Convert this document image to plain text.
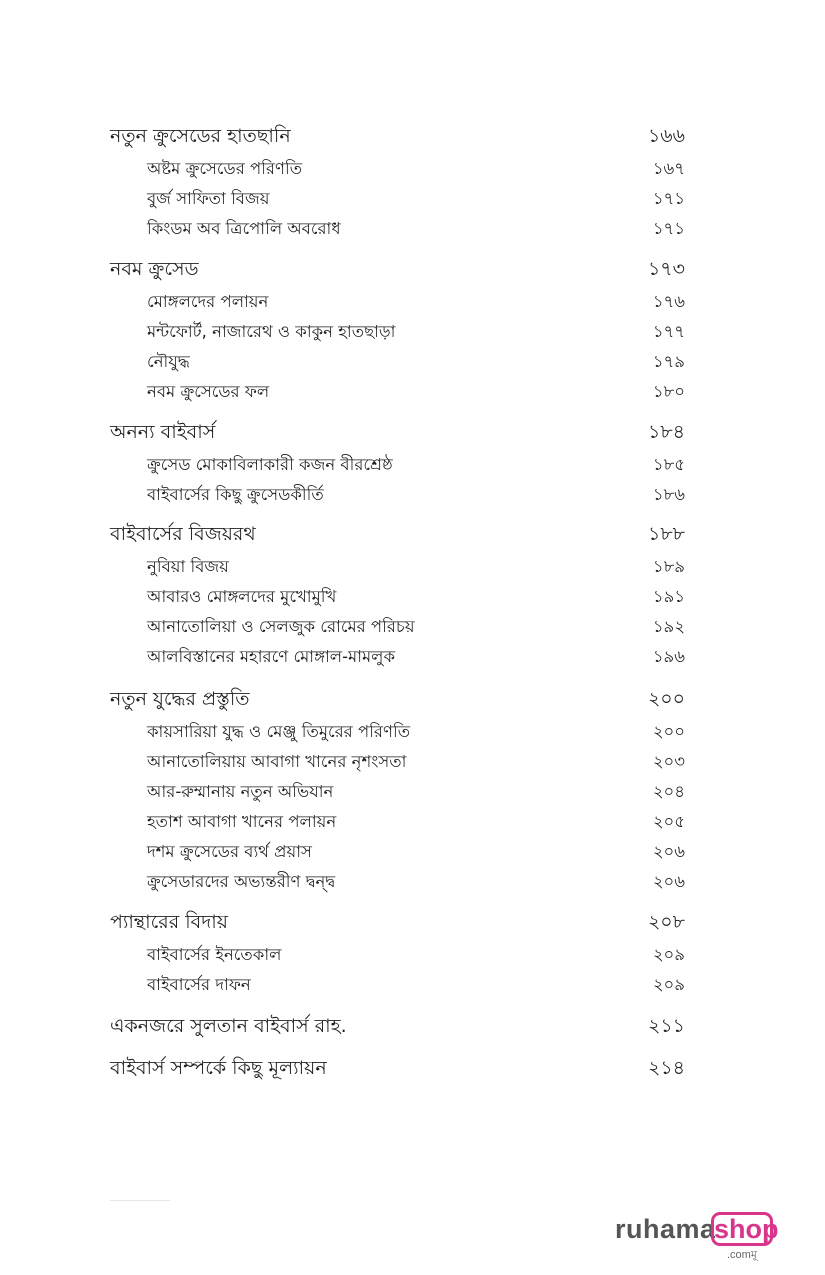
নতুন ক্রুসেডের হাতছানি	১৬৬
অষ্টম ক্রুসেডের পরিণতি	১৬৭
বুর্জ সাফিতা বিজয়	১৭১
কিংডম অব ত্রিপোলি অবরোধ	১৭১
নবম ক্রুসেড	১৭৩
মোঙ্গলদের পলায়ন	১৭৬
মন্টফোর্ট, নাজারেথ ও কাকুন হাতছাড়া	১৭৭
নৌযুদ্ধ	১৭৯
নবম ক্রুসেডের ফল	১৮০
অনন্য বাইবার্স	১৮৪
ক্রুসেড মোকাবিলাকারী কজন বীরশ্রেষ্ঠ	১৮৫
বাইবার্সের কিছু ক্রুসেডকীর্তি	১৮৬
বাইবার্সের বিজয়রথ	১৮৮
নুবিয়া বিজয়	১৮৯
আবারও মোঙ্গলদের মুখোমুখি	১৯১
আনাতোলিয়া ও সেলজুক রোমের পরিচয়	১৯২
আলবিস্তানের মহারণে মোঙ্গাল-মামলুক	১৯৬
নতুন যুদ্ধের প্রস্তুতি	২০০
কায়সারিয়া যুদ্ধ ও মেঞ্জু তিমুরের পরিণতি	২০০
আনাতোলিয়ায় আবাগা খানের নৃশংসতা	২০৩
আর-রুম্মানায় নতুন অভিযান	২০৪
হতাশ আবাগা খানের পলায়ন	২০৫
দশম ক্রুসেডের ব্যর্থ প্রয়াস	২০৬
ক্রুসেডারদের অভ্যন্তরীণ দ্বন্দ্ব	২০৬
প্যান্থারের বিদায়	২০৮
বাইবার্সের ইনতেকাল	২০৯
বাইবার্সের দাফন	২০৯
একনজরে সুলতান বাইবার্স রাহ.	২১১
বাইবার্স সম্পর্কে কিছু মূল্যায়ন	২১৪
ruhama
shop
.comমূ
